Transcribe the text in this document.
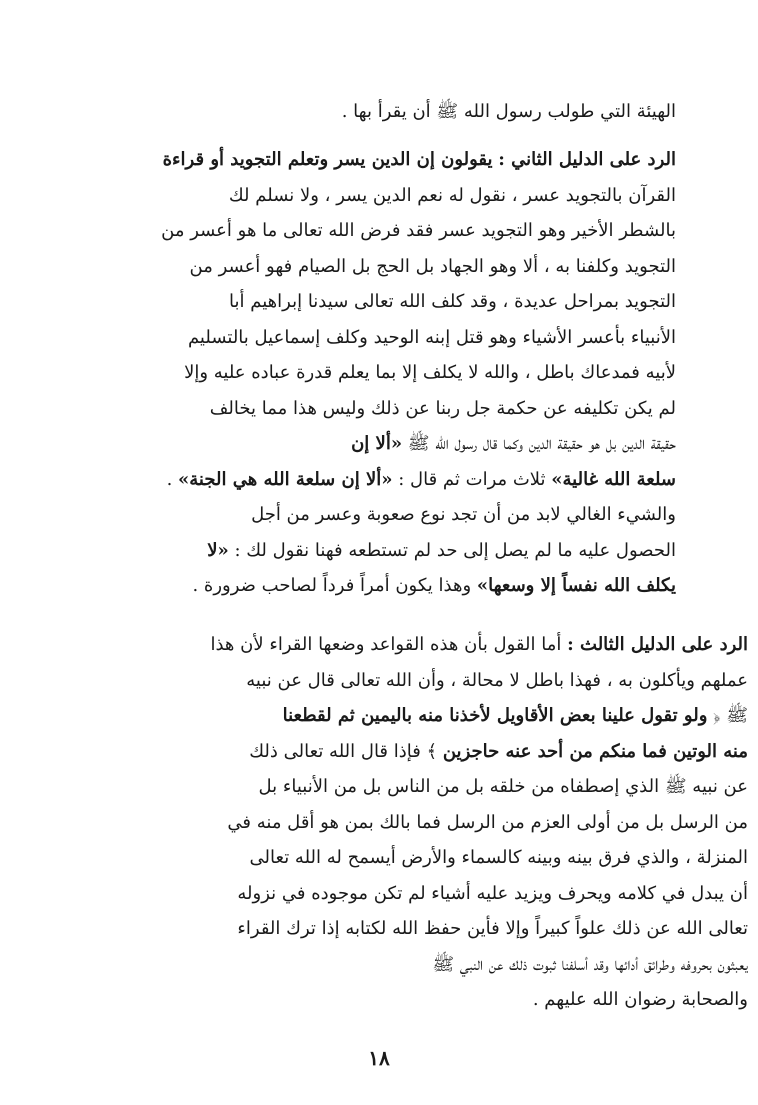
الهيئة التي طولب رسول الله ﷺ أن يقرأ بها .
الرد على الدليل الثاني : يقولون إن الدين يسر وتعلم التجويد أو قراءة
القرآن بالتجويد عسر ، نقول له نعم الدين يسر ، ولا نسلم لك
بالشطر الأخير وهو التجويد عسر فقد فرض الله تعالى ما هو أعسر من
التجويد وكلفنا به ، ألا وهو الجهاد بل الحج بل الصيام فهو أعسر من
التجويد بمراحل عديدة ، وقد كلف الله تعالى سيدنا إبراهيم أبا
الأنبياء بأعسر الأشياء وهو قتل إبنه الوحيد وكلف إسماعيل بالتسليم
لأبيه فمدعاك باطل ، والله لا يكلف إلا بما يعلم قدرة عباده عليه وإلا
لم يكن تكليفه عن حكمة جل ربنا عن ذلك وليس هذا مما يخالف
حقيقة الدين بل هو حقيقة الدين وكما قال رسول الله ﷺ «ألا إن
سلعة الله غالية» ثلاث مرات ثم قال : «ألا إن سلعة الله هي الجنة» .
والشيء الغالي لابد من أن تجد نوع صعوبة وعسر من أجل
الحصول عليه ما لم يصل إلى حد لم تستطعه فهنا نقول لك : «لا
يكلف الله نفساً إلا وسعها» وهذا يكون أمراً فرداً لصاحب ضرورة .
الرد على الدليل الثالث : أما القول بأن هذه القواعد وضعها القراء لأن هذا
عملهم ويأكلون به ، فهذا باطل لا محالة ، وأن الله تعالى قال عن نبيه
ﷺ ﴿ ولو تقول علينا بعض الأقاويل لأخذنا منه باليمين ثم لقطعنا
منه الوتين فما منكم من أحد عنه حاجزين ﴾ فإذا قال الله تعالى ذلك
عن نبيه ﷺ الذي إصطفاه من خلقه بل من الناس بل من الأنبياء بل
من الرسل بل من أولى العزم من الرسل فما بالك بمن هو أقل منه في
المنزلة ، والذي فرق بينه وبينه كالسماء والأرض أيسمح له الله تعالى
أن يبدل في كلامه ويحرف ويزيد عليه أشياء لم تكن موجوده في نزوله
تعالى الله عن ذلك علواً كبيراً وإلا فأين حفظ الله لكتابه إذا ترك القراء
يعبثون بحروفه وطرائق أدائها وقد أسلفنا ثبوت ذلك عن النبي ﷺ
والصحابة رضوان الله عليهم .
١٨
